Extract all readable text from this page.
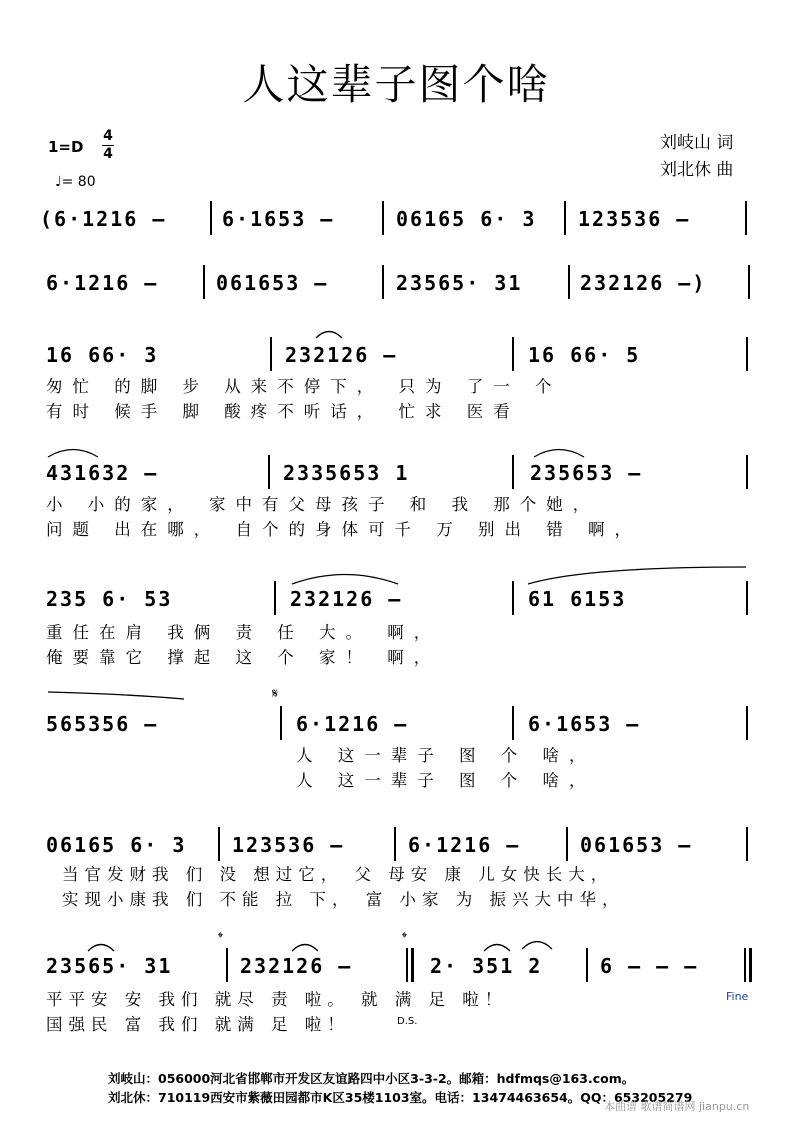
人这辈子图个啥
1=D
4
4
♩= 80
刘岐山 词
刘北休 曲
(6·1216 –	6·1653 –	06165 6· 3 123536 –
6·1216 –	061653 –	23565· 31	232126 –)
16 66· 3	232126 –	16 66· 5
匆忙 的脚 步 从来不停下， 只为 了一 个
有时 候手 脚 酸疼不听话， 忙求 医看
431632 –	2335653 1	235653 –
小 小的家， 家中有父母孩子 和 我 那个她，
问题 出在哪， 自个的身体可千 万 别出 错 啊，
235 6· 53	232126 –	61 6153
重任在肩 我俩 责 任 大。 啊，
俺要靠它 撑起 这 个 家！ 啊，
𝄋
565356 –	6·1216 –	6·1653 –
人 这一辈子 图 个 啥，
人 这一辈子 图 个 啥，
06165 6· 3 123536 –	6·1216 –	061653 –
当官发财我 们 没 想过它， 父 母安 康 儿女快长大，
实现小康我 们 不能 拉 下， 富 小家 为 振兴大中华，
𝄌	𝄌
23565· 31	232126 –	2· 351 2	6 – – –
平平安 安 我们 就尽 责 啦。 就 满 足 啦！
国强民 富 我们 就满 足 啦！
Fine
D.S.
刘岐山：056000河北省邯郸市开发区友谊路四中小区3-3-2。邮箱：hdfmqs@163.com。
刘北休：710119西安市紫薇田园都市K区35楼1103室。电话：13474463654。QQ：653205279
本曲谱 歌谱简谱网 jianpu.cn
